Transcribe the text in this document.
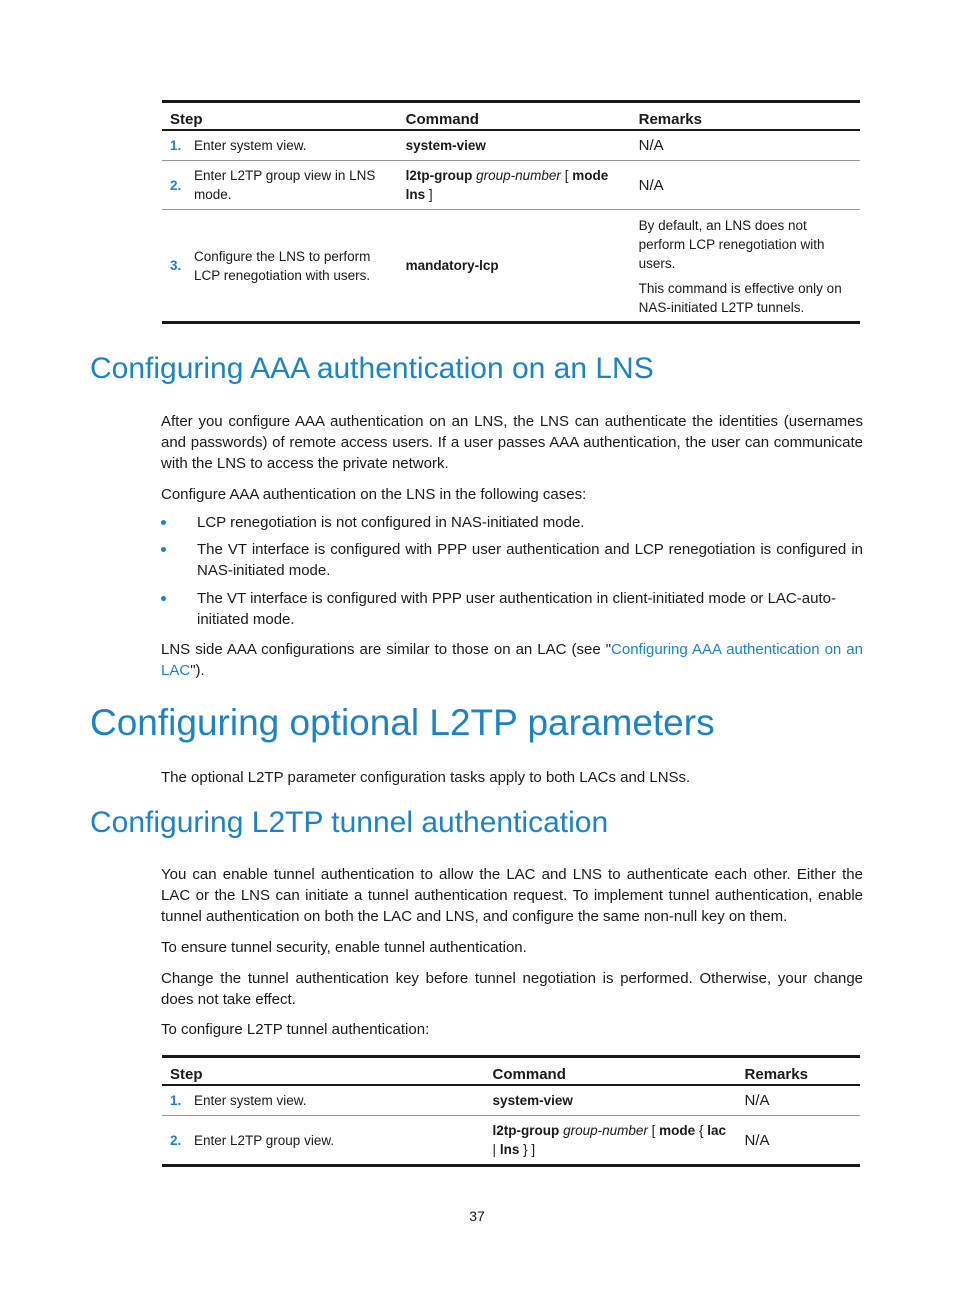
Step		Command	Remarks
1.	Enter system view.	system-view	N/A
2.	Enter L2TP group view in LNS mode.	l2tp-group group-number [ mode lns ]	N/A
3.	Configure the LNS to perform LCP renegotiation with users.	mandatory-lcp	By default, an LNS does not perform LCP renegotiation with users.
This command is effective only on NAS-initiated L2TP tunnels.
Configuring AAA authentication on an LNS
After you configure AAA authentication on an LNS, the LNS can authenticate the identities (usernames and passwords) of remote access users. If a user passes AAA authentication, the user can communicate with the LNS to access the private network.
Configure AAA authentication on the LNS in the following cases:
LCP renegotiation is not configured in NAS-initiated mode.
The VT interface is configured with PPP user authentication and LCP renegotiation is configured in NAS-initiated mode.
The VT interface is configured with PPP user authentication in client-initiated mode or LAC-auto-initiated mode.
LNS side AAA configurations are similar to those on an LAC (see "Configuring AAA authentication on an LAC").
Configuring optional L2TP parameters
The optional L2TP parameter configuration tasks apply to both LACs and LNSs.
Configuring L2TP tunnel authentication
You can enable tunnel authentication to allow the LAC and LNS to authenticate each other. Either the LAC or the LNS can initiate a tunnel authentication request. To implement tunnel authentication, enable tunnel authentication on both the LAC and LNS, and configure the same non-null key on them.
To ensure tunnel security, enable tunnel authentication.
Change the tunnel authentication key before tunnel negotiation is performed. Otherwise, your change does not take effect.
To configure L2TP tunnel authentication:
Step		Command	Remarks
1.	Enter system view.	system-view	N/A
2.	Enter L2TP group view.	l2tp-group group-number [ mode { lac | lns } ]	N/A
37
